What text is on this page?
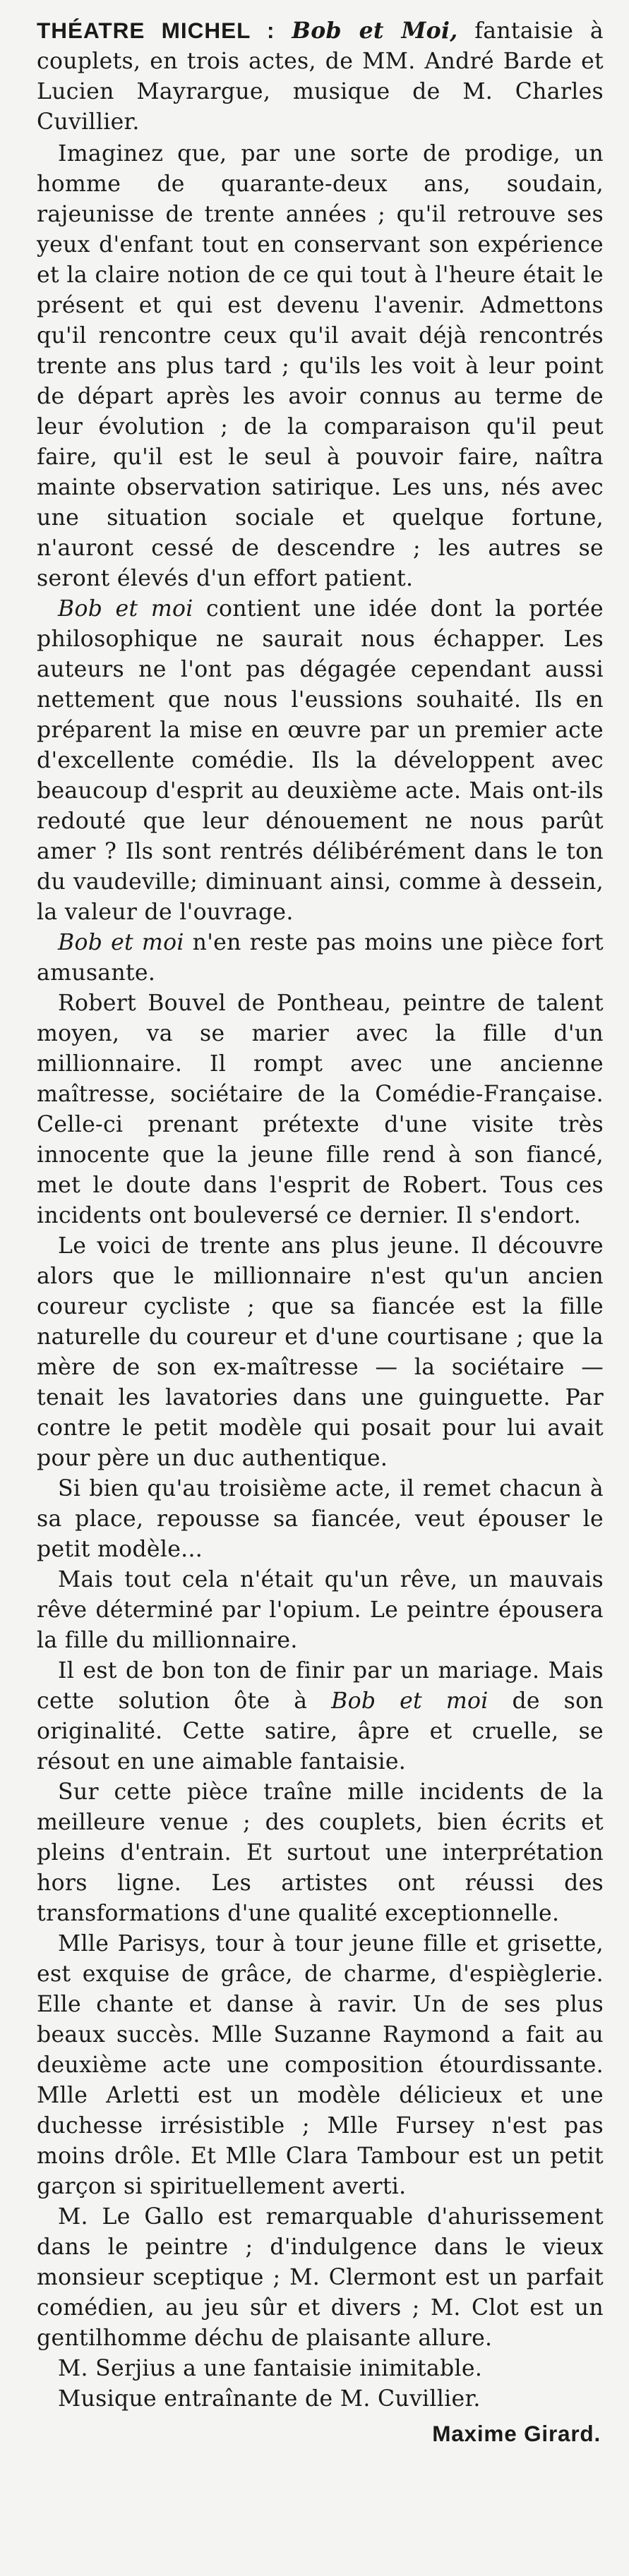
THÉATRE MICHEL : Bob et Moi, fantaisie à couplets, en trois actes, de MM. André Barde et Lucien Mayrargue, musique de M. Charles Cuvillier.

Imaginez que, par une sorte de prodige, un homme de quarante-deux ans, soudain, rajeunisse de trente années ; qu'il retrouve ses yeux d'enfant tout en conservant son expérience et la claire notion de ce qui tout à l'heure était le présent et qui est devenu l'avenir. Admettons qu'il rencontre ceux qu'il avait déjà rencontrés trente ans plus tard ; qu'ils les voit à leur point de départ après les avoir connus au terme de leur évolution ; de la comparaison qu'il peut faire, qu'il est le seul à pouvoir faire, naîtra mainte observation satirique. Les uns, nés avec une situation sociale et quelque fortune, n'auront cessé de descendre ; les autres se seront élevés d'un effort patient.

Bob et moi contient une idée dont la portée philosophique ne saurait nous échapper. Les auteurs ne l'ont pas dégagée cependant aussi nettement que nous l'eussions souhaité. Ils en préparent la mise en œuvre par un premier acte d'excellente comédie. Ils la développent avec beaucoup d'esprit au deuxième acte. Mais ont-ils redouté que leur dénouement ne nous parût amer ? Ils sont rentrés délibérément dans le ton du vaudeville; diminuant ainsi, comme à dessein, la valeur de l'ouvrage.

Bob et moi n'en reste pas moins une pièce fort amusante.

Robert Bouvel de Pontheau, peintre de talent moyen, va se marier avec la fille d'un millionnaire. Il rompt avec une ancienne maîtresse, sociétaire de la Comédie-Française. Celle-ci prenant prétexte d'une visite très innocente que la jeune fille rend à son fiancé, met le doute dans l'esprit de Robert. Tous ces incidents ont bouleversé ce dernier. Il s'endort.

Le voici de trente ans plus jeune. Il découvre alors que le millionnaire n'est qu'un ancien coureur cycliste ; que sa fiancée est la fille naturelle du coureur et d'une courtisane ; que la mère de son ex-maîtresse — la sociétaire — tenait les lavatories dans une guinguette. Par contre le petit modèle qui posait pour lui avait pour père un duc authentique.

Si bien qu'au troisième acte, il remet chacun à sa place, repousse sa fiancée, veut épouser le petit modèle...

Mais tout cela n'était qu'un rêve, un mauvais rêve déterminé par l'opium. Le peintre épousera la fille du millionnaire.

Il est de bon ton de finir par un mariage. Mais cette solution ôte à Bob et moi de son originalité. Cette satire, âpre et cruelle, se résout en une aimable fantaisie.

Sur cette pièce traîne mille incidents de la meilleure venue ; des couplets, bien écrits et pleins d'entrain. Et surtout une interprétation hors ligne. Les artistes ont réussi des transformations d'une qualité exceptionnelle.

Mlle Parisys, tour à tour jeune fille et grisette, est exquise de grâce, de charme, d'espièglerie. Elle chante et danse à ravir. Un de ses plus beaux succès. Mlle Suzanne Raymond a fait au deuxième acte une composition étourdissante. Mlle Arletti est un modèle délicieux et une duchesse irrésistible ; Mlle Fursey n'est pas moins drôle. Et Mlle Clara Tambour est un petit garçon si spirituellement averti.

M. Le Gallo est remarquable d'ahurissement dans le peintre ; d'indulgence dans le vieux monsieur sceptique ; M. Clermont est un parfait comédien, au jeu sûr et divers ; M. Clot est un gentilhomme déchu de plaisante allure.

M. Serjius a une fantaisie inimitable.

Musique entraînante de M. Cuvillier.

Maxime Girard.
